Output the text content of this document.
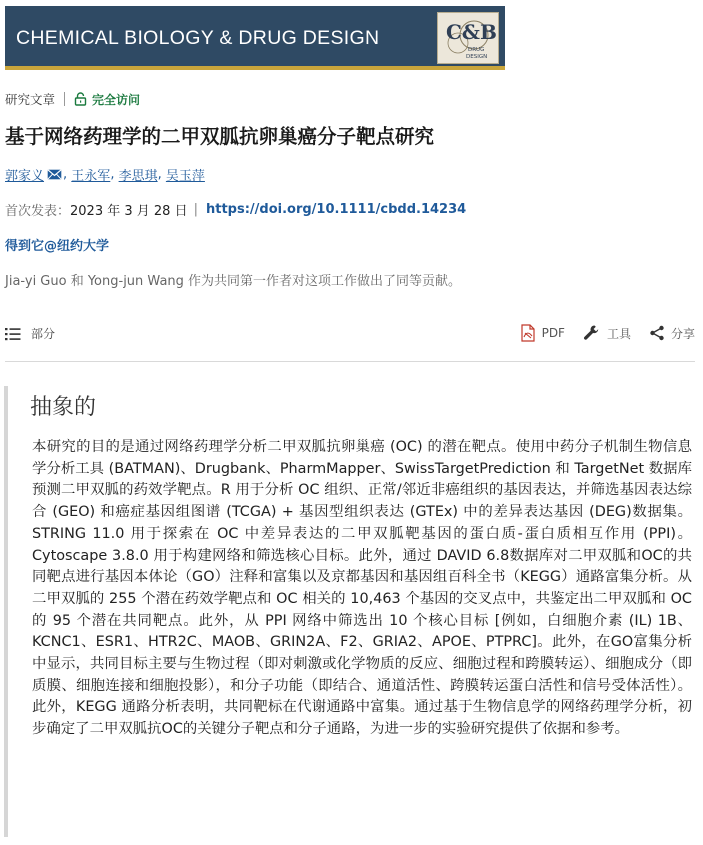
CHEMICAL BIOLOGY & DRUG DESIGN	C&B
DRUG
DESIGN
研究文章	完全访问
基于网络药理学的二甲双胍抗卵巢癌分子靶点研究
郭家义 ,
王永军 ,
李思琪 ,
吴玉萍
首次发表： 2023 年 3 月 28 日 | https://doi.org/10.1111/cbdd.14234
得到它@纽约大学
Jia-yi Guo 和 Yong-jun Wang 作为共同第一作者对这项工作做出了同等贡献。
部分	PDF	工具	分享
抽象的

本研究的目的是通过网络药理学分析二甲双胍抗卵巢癌 (OC) 的潜在靶点。使用中药分子机制生物信息学分析工具 (BATMAN)、Drugbank、PharmMapper、SwissTargetPrediction 和 TargetNet 数据库预测二甲双胍的药效学靶点。R 用于分析 OC 组织、正常/邻近非癌组织的基因表达，并筛选基因表达综合 (GEO) 和癌症基因组图谱 (TCGA) + 基因型组织表达 (GTEx) 中的差异表达基因 (DEG)数据集。STRING 11.0 用于探索在 OC 中差异表达的二甲双胍靶基因的蛋白质-蛋白质相互作用 (PPI)。Cytoscape 3.8.0 用于构建网络和筛选核心目标。此外，通过 DAVID 6.8数据库对二甲双胍和OC的共同靶点进行基因本体论（GO）注释和富集以及京都基因和基因组百科全书（KEGG）通路富集分析。从二甲双胍的 255 个潜在药效学靶点和 OC 相关的 10,463 个基因的交叉点中，共鉴定出二甲双胍和 OC 的 95 个潜在共同靶点。此外，从 PPI 网络中筛选出 10 个核心目标 [例如，白细胞介素 (IL) 1B、KCNC1、ESR1、HTR2C、MAOB、GRIN2A、F2、GRIA2、APOE、PTPRC]。此外，在GO富集分析中显示，共同目标主要与生物过程（即对刺激或化学物质的反应、细胞过程和跨膜转运）、细胞成分（即质膜、细胞连接和细胞投影），和分子功能（即结合、通道活性、跨膜转运蛋白活性和信号受体活性）。此外，KEGG 通路分析表明，共同靶标在代谢通路中富集。通过基于生物信息学的网络药理学分析，初步确定了二甲双胍抗OC的关键分子靶点和分子通路，为进一步的实验研究提供了依据和参考。
